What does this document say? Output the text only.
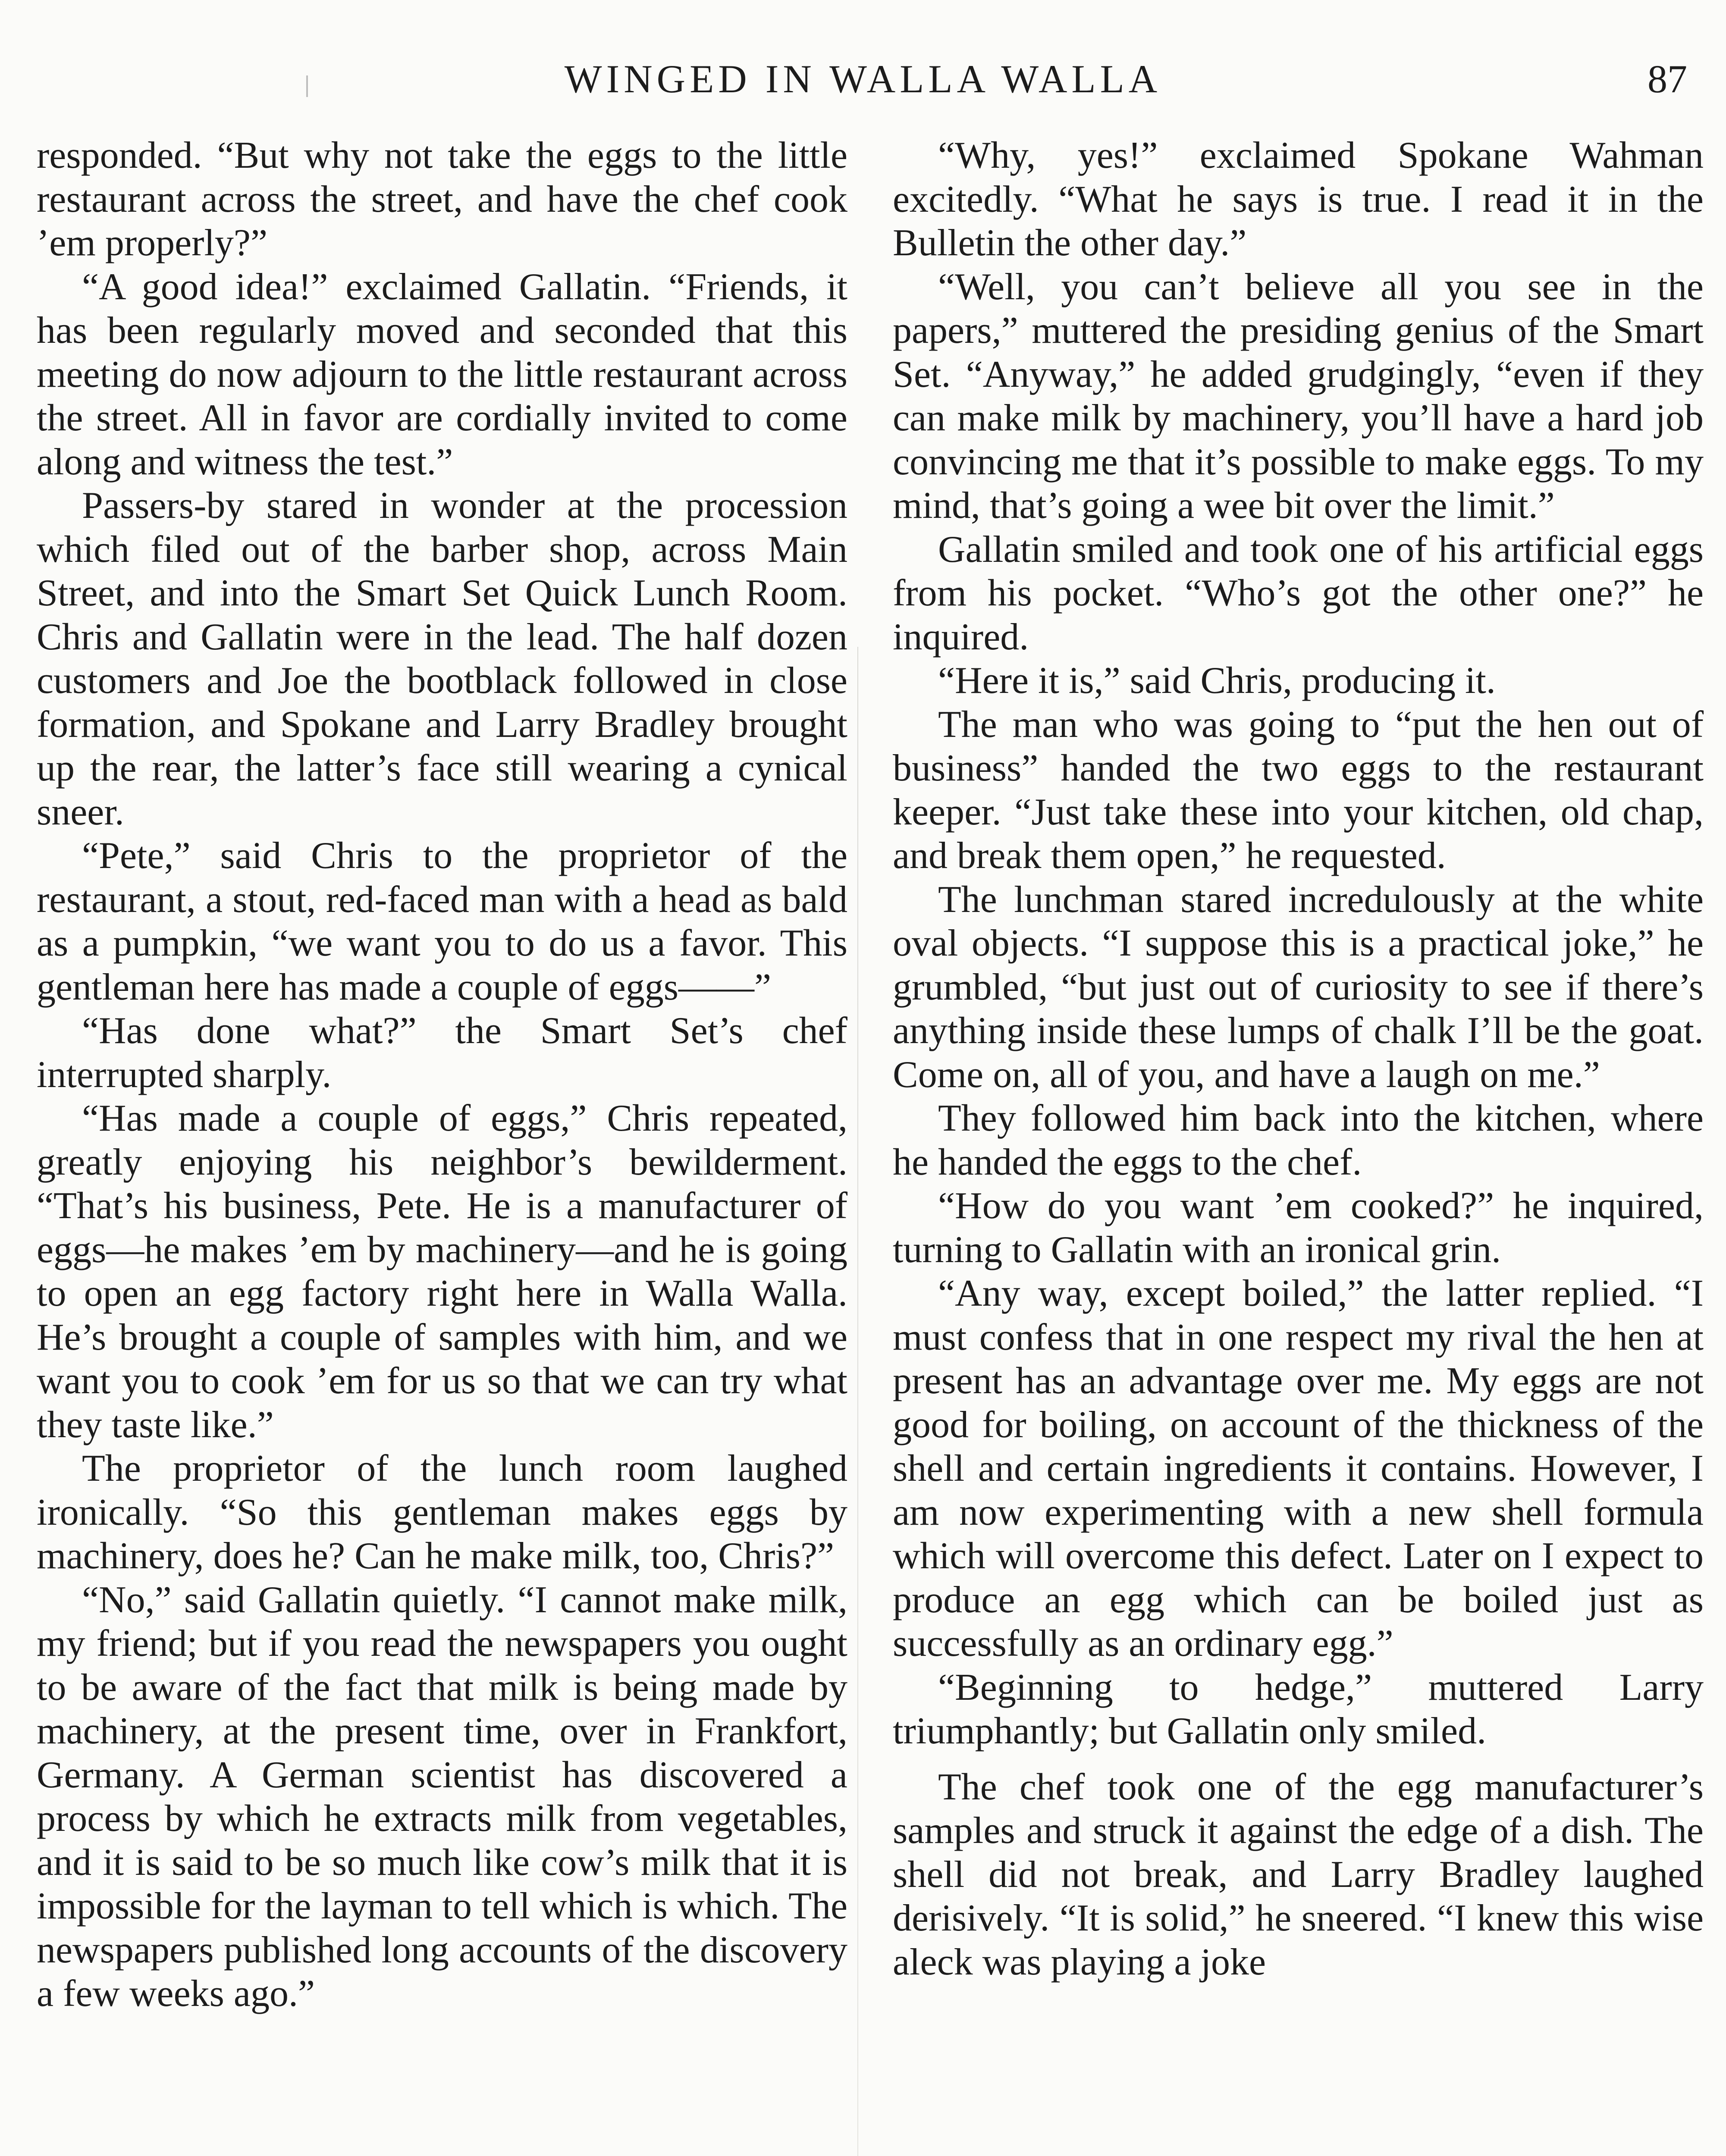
WINGED IN WALLA WALLA	87

responded. “But why not take the eggs to the little restaurant across the street, and have the chef cook ’em properly?”

“A good idea!” exclaimed Gallatin. “Friends, it has been regularly moved and seconded that this meeting do now adjourn to the little restaurant across the street. All in favor are cordially invited to come along and witness the test.”

Passers-by stared in wonder at the procession which filed out of the barber shop, across Main Street, and into the Smart Set Quick Lunch Room. Chris and Gallatin were in the lead. The half dozen customers and Joe the bootblack followed in close formation, and Spokane and Larry Bradley brought up the rear, the latter’s face still wearing a cynical sneer.

“Pete,” said Chris to the proprietor of the restaurant, a stout, red-faced man with a head as bald as a pumpkin, “we want you to do us a favor. This gentleman here has made a couple of eggs——”

“Has done what?” the Smart Set’s chef interrupted sharply.

“Has made a couple of eggs,” Chris repeated, greatly enjoying his neighbor’s bewilderment. “That’s his business, Pete. He is a manufacturer of eggs—he makes ’em by machinery—and he is going to open an egg factory right here in Walla Walla. He’s brought a couple of samples with him, and we want you to cook ’em for us so that we can try what they taste like.”

The proprietor of the lunch room laughed ironically. “So this gentleman makes eggs by machinery, does he? Can he make milk, too, Chris?”

“No,” said Gallatin quietly. “I cannot make milk, my friend; but if you read the newspapers you ought to be aware of the fact that milk is being made by machinery, at the present time, over in Frankfort, Germany. A German scientist has discovered a process by which he extracts milk from vegetables, and it is said to be so much like cow’s milk that it is impossible for the layman to tell which is which. The newspapers published long accounts of the discovery a few weeks ago.”

“Why, yes!” exclaimed Spokane Wahman excitedly. “What he says is true. I read it in the Bulletin the other day.”

“Well, you can’t believe all you see in the papers,” muttered the presiding genius of the Smart Set. “Anyway,” he added grudgingly, “even if they can make milk by machinery, you’ll have a hard job convincing me that it’s possible to make eggs. To my mind, that’s going a wee bit over the limit.”

Gallatin smiled and took one of his artificial eggs from his pocket. “Who’s got the other one?” he inquired.

“Here it is,” said Chris, producing it.

The man who was going to “put the hen out of business” handed the two eggs to the restaurant keeper. “Just take these into your kitchen, old chap, and break them open,” he requested.

The lunchman stared incredulously at the white oval objects. “I suppose this is a practical joke,” he grumbled, “but just out of curiosity to see if there’s anything inside these lumps of chalk I’ll be the goat. Come on, all of you, and have a laugh on me.”

They followed him back into the kitchen, where he handed the eggs to the chef.

“How do you want ’em cooked?” he inquired, turning to Gallatin with an ironical grin.

“Any way, except boiled,” the latter replied. “I must confess that in one respect my rival the hen at present has an advantage over me. My eggs are not good for boiling, on account of the thickness of the shell and certain ingredients it contains. However, I am now experimenting with a new shell formula which will overcome this defect. Later on I expect to produce an egg which can be boiled just as successfully as an ordinary egg.”

“Beginning to hedge,” muttered Larry triumphantly; but Gallatin only smiled.

The chef took one of the egg manufacturer’s samples and struck it against the edge of a dish. The shell did not break, and Larry Bradley laughed derisively. “It is solid,” he sneered. “I knew this wise aleck was playing a joke
